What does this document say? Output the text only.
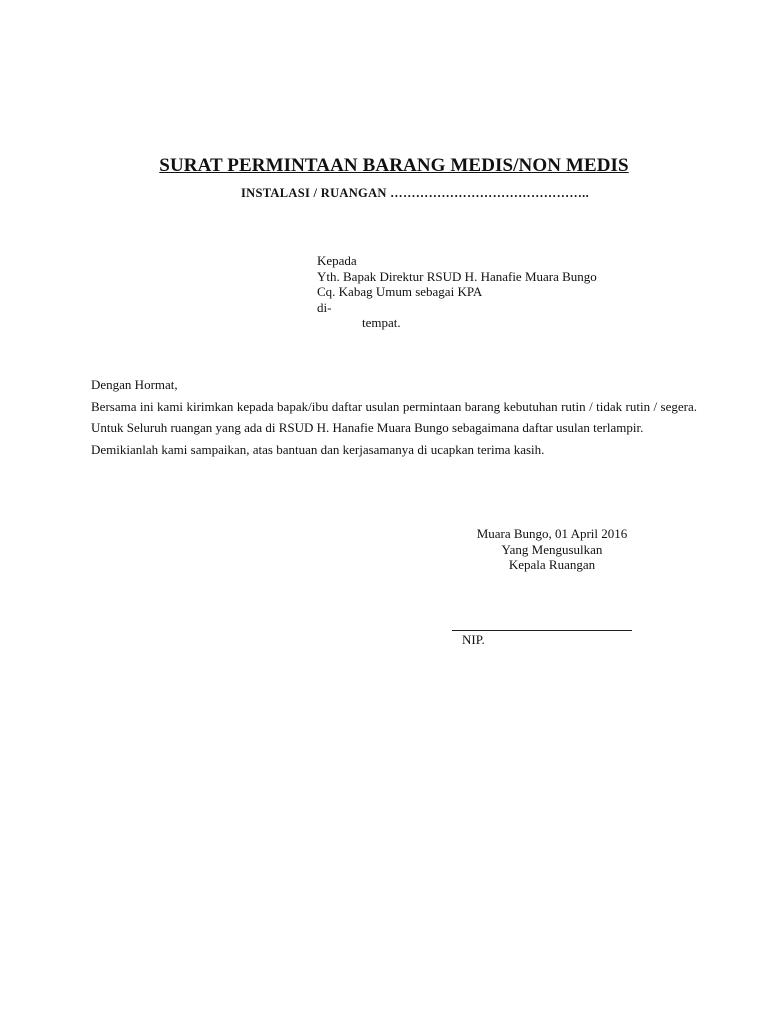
SURAT PERMINTAAN BARANG MEDIS/NON MEDIS
INSTALASI / RUANGAN ………………………………………..
Kepada
Yth. Bapak Direktur RSUD H. Hanafie Muara Bungo
Cq. Kabag Umum sebagai KPA
di-
tempat.

Dengan Hormat,

Bersama ini kami kirimkan kepada bapak/ibu daftar usulan permintaan barang kebutuhan rutin / tidak rutin / segera. Untuk Seluruh ruangan yang ada di RSUD H. Hanafie Muara Bungo sebagaimana daftar usulan terlampir.

Demikianlah kami sampaikan, atas bantuan dan kerjasamanya di ucapkan terima kasih.

Muara Bungo, 01 April 2016
Yang Mengusulkan
Kepala Ruangan
NIP.
